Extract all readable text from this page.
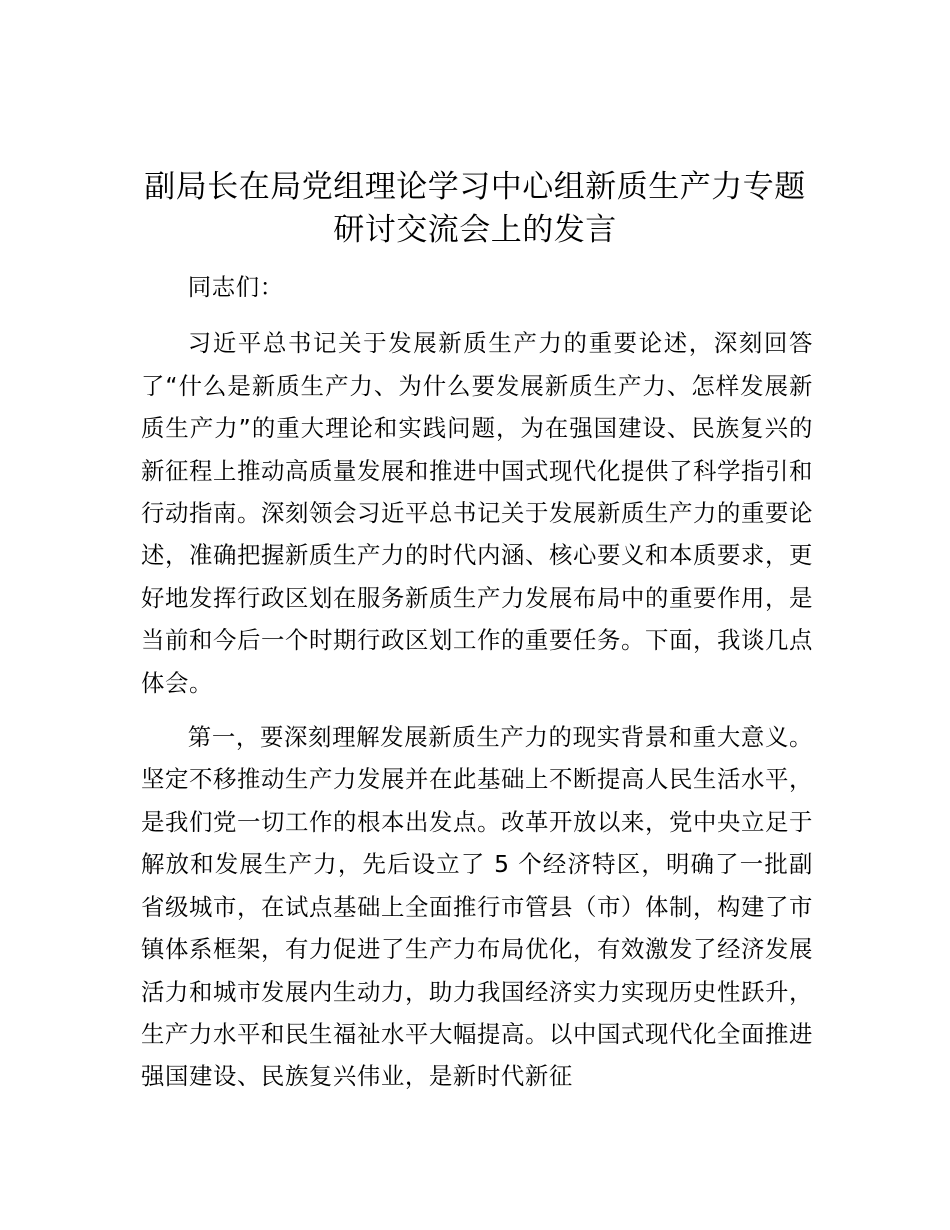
副局长在局党组理论学习中心组新质生产力专题研讨交流会上的发言

同志们：

习近平总书记关于发展新质生产力的重要论述，深刻回答了“什么是新质生产力、为什么要发展新质生产力、怎样发展新质生产力”的重大理论和实践问题，为在强国建设、民族复兴的新征程上推动高质量发展和推进中国式现代化提供了科学指引和行动指南。深刻领会习近平总书记关于发展新质生产力的重要论述，准确把握新质生产力的时代内涵、核心要义和本质要求，更好地发挥行政区划在服务新质生产力发展布局中的重要作用，是当前和今后一个时期行政区划工作的重要任务。下面，我谈几点体会。

第一，要深刻理解发展新质生产力的现实背景和重大意义。坚定不移推动生产力发展并在此基础上不断提高人民生活水平，是我们党一切工作的根本出发点。改革开放以来，党中央立足于解放和发展生产力，先后设立了 5 个经济特区，明确了一批副省级城市，在试点基础上全面推行市管县（市）体制，构建了市镇体系框架，有力促进了生产力布局优化，有效激发了经济发展活力和城市发展内生动力，助力我国经济实力实现历史性跃升，生产力水平和民生福祉水平大幅提高。以中国式现代化全面推进强国建设、民族复兴伟业，是新时代新征
